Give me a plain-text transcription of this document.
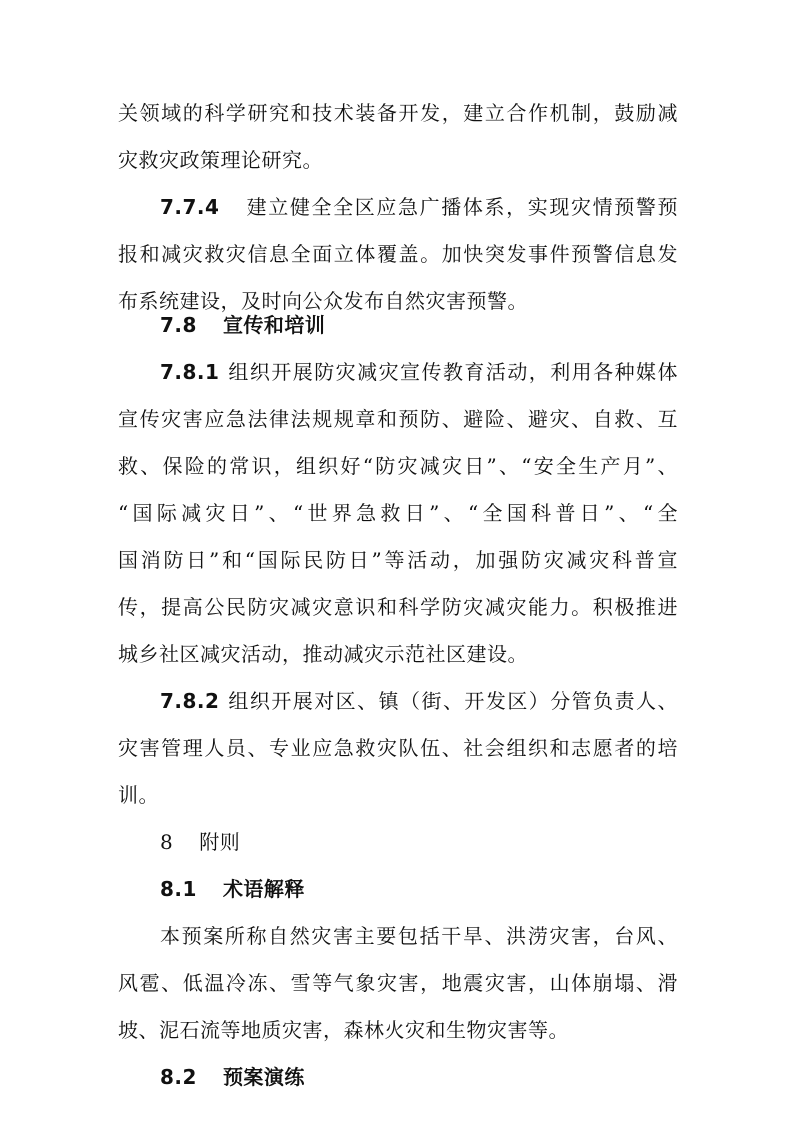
关领域的科学研究和技术装备开发，建立合作机制，鼓励减
灾救灾政策理论研究。
7.7.4 建立健全全区应急广播体系，实现灾情预警预
报和减灾救灾信息全面立体覆盖。加快突发事件预警信息发
布系统建设，及时向公众发布自然灾害预警。
7.8 宣传和培训
7.8.1 组织开展防灾减灾宣传教育活动，利用各种媒体
宣传灾害应急法律法规规章和预防、避险、避灾、自救、互
救、保险的常识，组织好“防灾减灾日”、“安全生产月”、
“国际减灾日”、“世界急救日”、“全国科普日”、“全
国消防日”和“国际民防日”等活动，加强防灾减灾科普宣
传，提高公民防灾减灾意识和科学防灾减灾能力。积极推进
城乡社区减灾活动，推动减灾示范社区建设。
7.8.2 组织开展对区、镇（街、开发区）分管负责人、
灾害管理人员、专业应急救灾队伍、社会组织和志愿者的培
训。
8 附则
8.1 术语解释
本预案所称自然灾害主要包括干旱、洪涝灾害，台风、
风雹、低温冷冻、雪等气象灾害，地震灾害，山体崩塌、滑
坡、泥石流等地质灾害，森林火灾和生物灾害等。
8.2 预案演练
